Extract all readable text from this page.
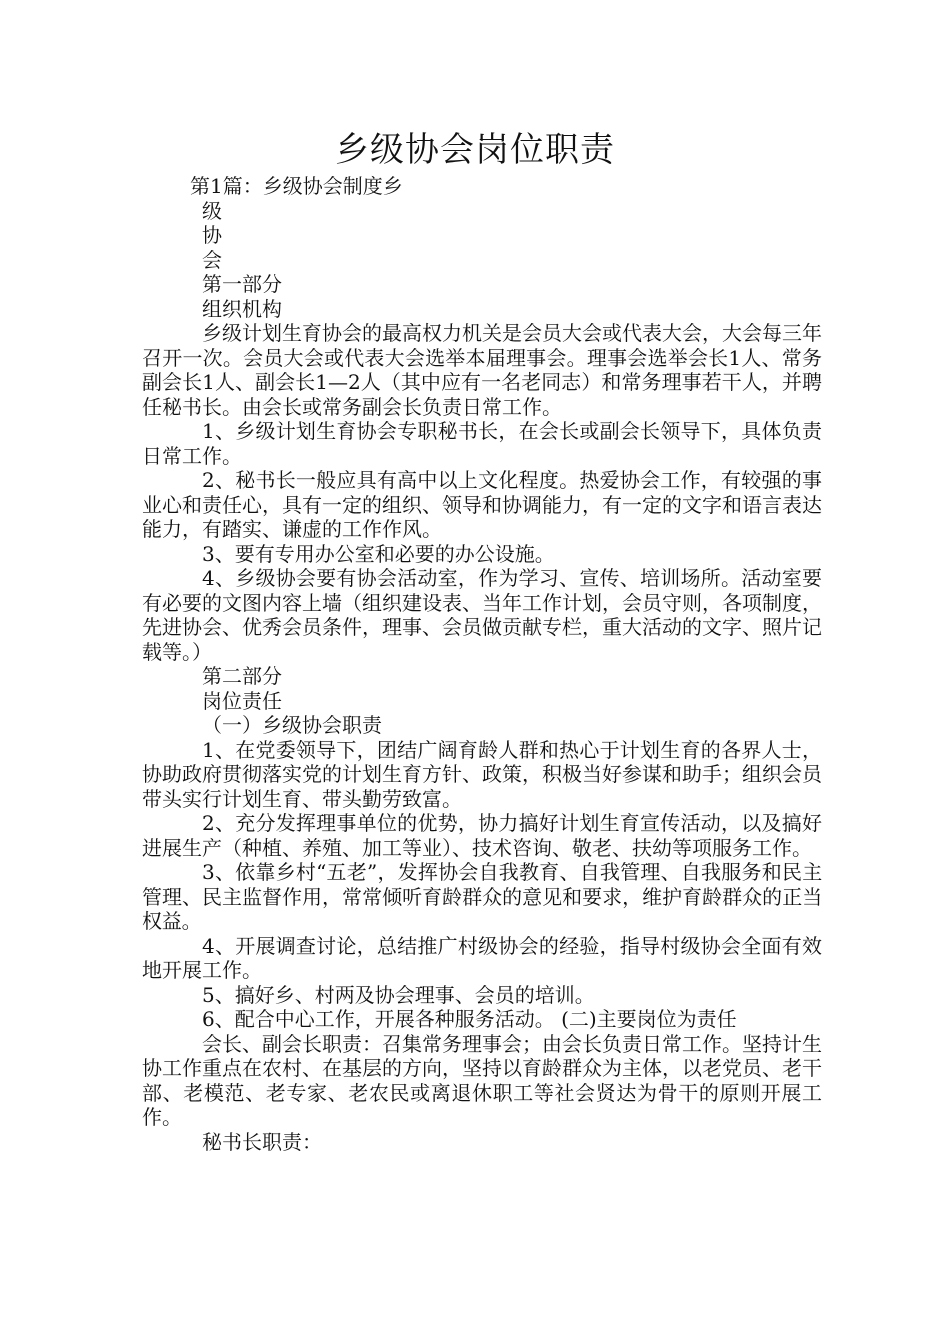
乡级协会岗位职责

第1篇：乡级协会制度乡

级

协

会

第一部分

组织机构

乡级计划生育协会的最高权力机关是会员大会或代表大会，大会每三年召开一次。会员大会或代表大会选举本届理事会。理事会选举会长1人、常务副会长1人、副会长1—2人（其中应有一名老同志）和常务理事若干人，并聘任秘书长。由会长或常务副会长负责日常工作。

1、乡级计划生育协会专职秘书长，在会长或副会长领导下，具体负责日常工作。

2、秘书长一般应具有高中以上文化程度。热爱协会工作，有较强的事业心和责任心，具有一定的组织、领导和协调能力，有一定的文字和语言表达能力，有踏实、谦虚的工作作风。

3、要有专用办公室和必要的办公设施。

4、乡级协会要有协会活动室，作为学习、宣传、培训场所。活动室要有必要的文图内容上墙（组织建设表、当年工作计划，会员守则，各项制度，先进协会、优秀会员条件，理事、会员做贡献专栏，重大活动的文字、照片记载等。）

第二部分

岗位责任

（一）乡级协会职责

1、在党委领导下，团结广阔育龄人群和热心于计划生育的各界人士，协助政府贯彻落实党的计划生育方针、政策，积极当好参谋和助手；组织会员带头实行计划生育、带头勤劳致富。

2、充分发挥理事单位的优势，协力搞好计划生育宣传活动，以及搞好进展生产（种植、养殖、加工等业）、技术咨询、敬老、扶幼等项服务工作。

3、依靠乡村“五老”，发挥协会自我教育、自我管理、自我服务和民主管理、民主监督作用，常常倾听育龄群众的意见和要求，维护育龄群众的正当权益。

4、开展调查讨论，总结推广村级协会的经验，指导村级协会全面有效地开展工作。

5、搞好乡、村两及协会理事、会员的培训。

6、配合中心工作，开展各种服务活动。 (二)主要岗位为责任

会长、副会长职责：召集常务理事会；由会长负责日常工作。坚持计生协工作重点在农村、在基层的方向，坚持以育龄群众为主体，以老党员、老干部、老模范、老专家、老农民或离退休职工等社会贤达为骨干的原则开展工作。

秘书长职责：
